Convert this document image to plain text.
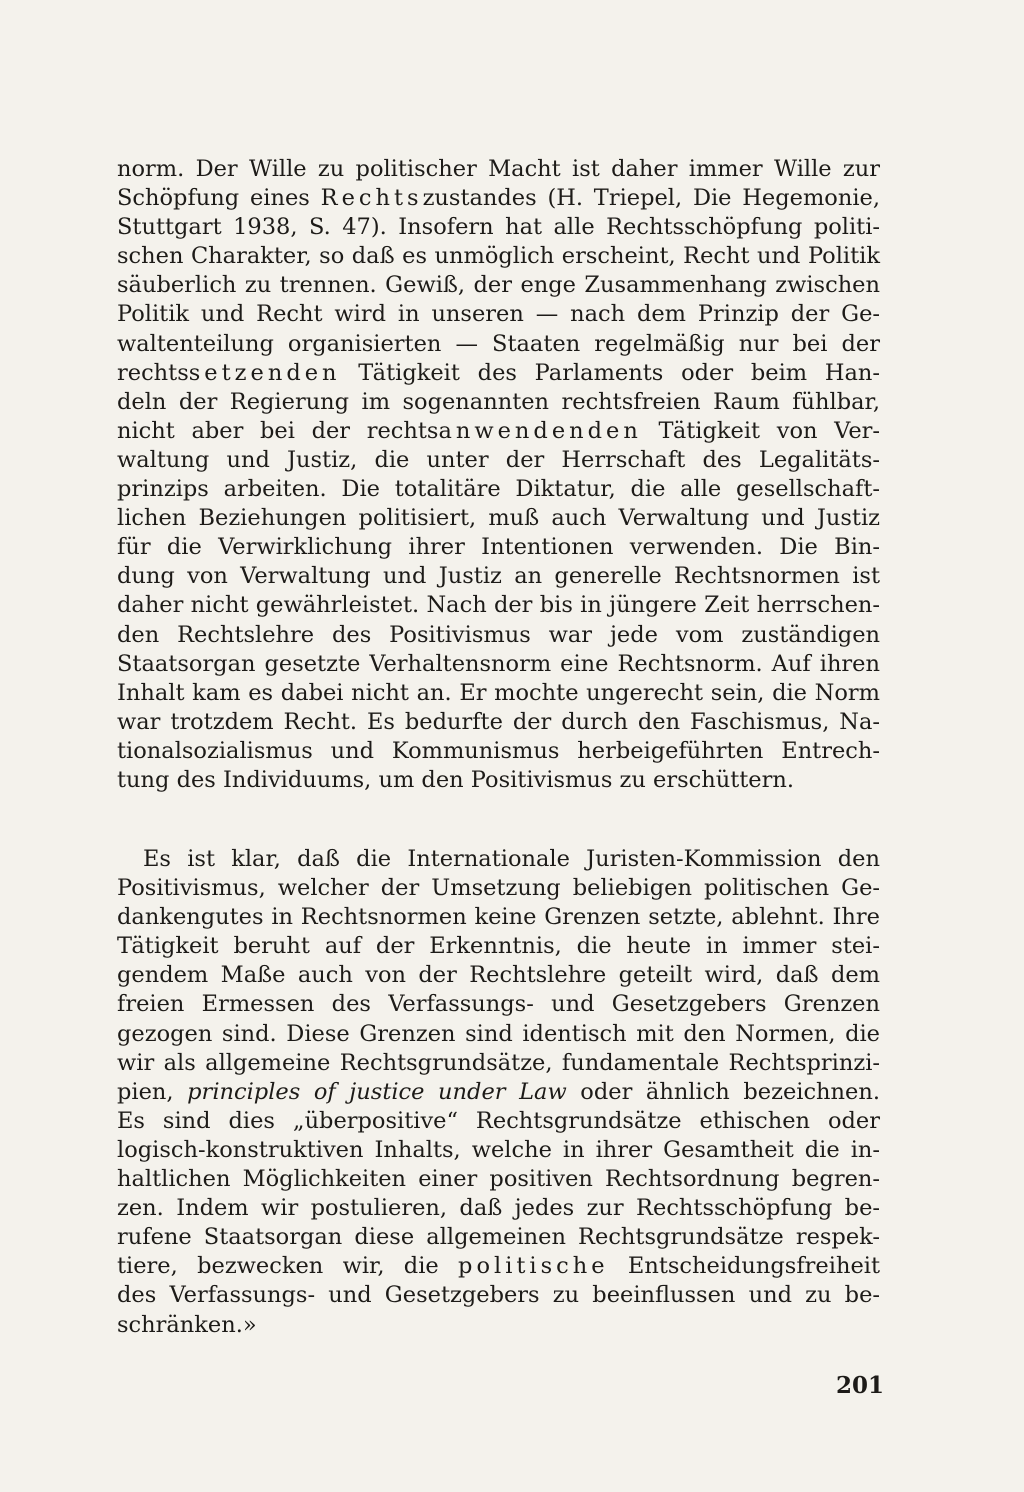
norm. Der Wille zu politischer Macht ist daher immer Wille zur
Schöpfung eines Rechtszustandes (H. Triepel, Die Hegemonie,
Stuttgart 1938, S. 47). Insofern hat alle Rechtsschöpfung politi-
schen Charakter, so daß es unmöglich erscheint, Recht und Politik
säuberlich zu trennen. Gewiß, der enge Zusammenhang zwischen
Politik und Recht wird in unseren — nach dem Prinzip der Ge-
waltenteilung organisierten — Staaten regelmäßig nur bei der
rechtssetzenden Tätigkeit des Parlaments oder beim Han-
deln der Regierung im sogenannten rechtsfreien Raum fühlbar,
nicht aber bei der rechtsanwendenden Tätigkeit von Ver-
waltung und Justiz, die unter der Herrschaft des Legalitäts-
prinzips arbeiten. Die totalitäre Diktatur, die alle gesellschaft-
lichen Beziehungen politisiert, muß auch Verwaltung und Justiz
für die Verwirklichung ihrer Intentionen verwenden. Die Bin-
dung von Verwaltung und Justiz an generelle Rechtsnormen ist
daher nicht gewährleistet. Nach der bis in jüngere Zeit herrschen-
den Rechtslehre des Positivismus war jede vom zuständigen
Staatsorgan gesetzte Verhaltensnorm eine Rechtsnorm. Auf ihren
Inhalt kam es dabei nicht an. Er mochte ungerecht sein, die Norm
war trotzdem Recht. Es bedurfte der durch den Faschismus, Na-
tionalsozialismus und Kommunismus herbeigeführten Entrech-
tung des Individuums, um den Positivismus zu erschüttern.
Es ist klar, daß die Internationale Juristen-Kommission den
Positivismus, welcher der Umsetzung beliebigen politischen Ge-
dankengutes in Rechtsnormen keine Grenzen setzte, ablehnt. Ihre
Tätigkeit beruht auf der Erkenntnis, die heute in immer stei-
gendem Maße auch von der Rechtslehre geteilt wird, daß dem
freien Ermessen des Verfassungs- und Gesetzgebers Grenzen
gezogen sind. Diese Grenzen sind identisch mit den Normen, die
wir als allgemeine Rechtsgrundsätze, fundamentale Rechtsprinzi-
pien, principles of justice under Law oder ähnlich bezeichnen.
Es sind dies „überpositive“ Rechtsgrundsätze ethischen oder
logisch-konstruktiven Inhalts, welche in ihrer Gesamtheit die in-
haltlichen Möglichkeiten einer positiven Rechtsordnung begren-
zen. Indem wir postulieren, daß jedes zur Rechtsschöpfung be-
rufene Staatsorgan diese allgemeinen Rechtsgrundsätze respek-
tiere, bezwecken wir, die politische Entscheidungsfreiheit
des Verfassungs- und Gesetzgebers zu beeinflussen und zu be-
schränken.»
201
